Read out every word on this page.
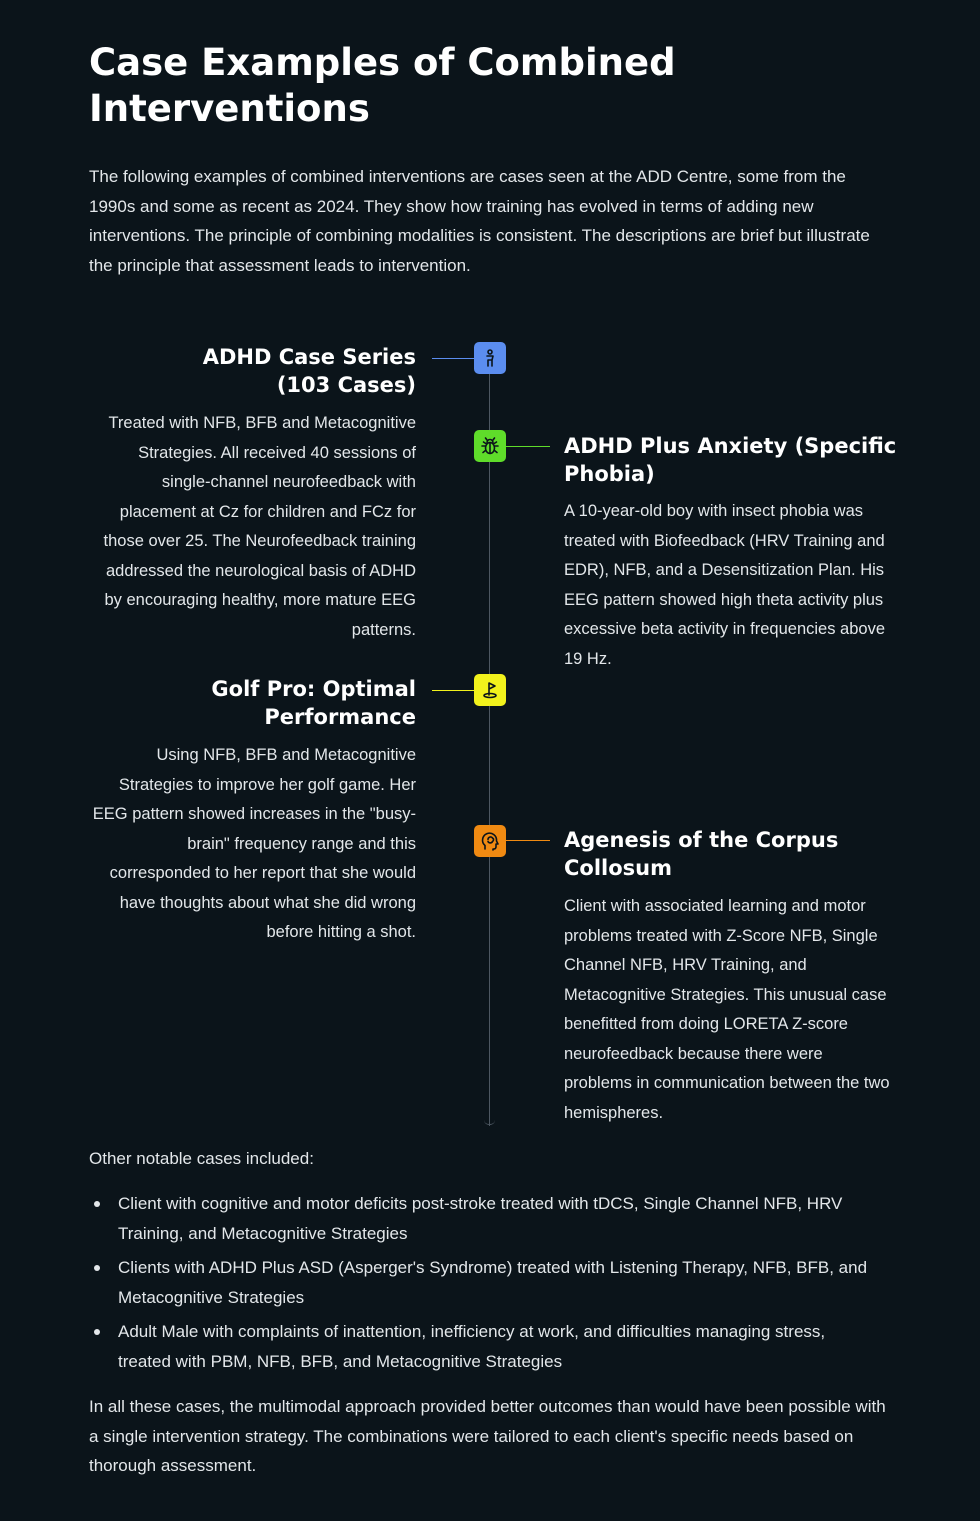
Case Examples of Combined Interventions

The following examples of combined interventions are cases seen at the ADD Centre, some from the 1990s and some as recent as 2024. They show how training has evolved in terms of adding new interventions. The principle of combining modalities is consistent. The descriptions are brief but illustrate the principle that assessment leads to intervention.

ADHD Case Series (103 Cases)

Treated with NFB, BFB and Metacognitive Strategies. All received 40 sessions of single-channel neurofeedback with placement at Cz for children and FCz for those over 25. The Neurofeedback training addressed the neurological basis of ADHD by encouraging healthy, more mature EEG patterns.

ADHD Plus Anxiety (Specific Phobia)

A 10-year-old boy with insect phobia was treated with Biofeedback (HRV Training and EDR), NFB, and a Desensitization Plan. His EEG pattern showed high theta activity plus excessive beta activity in frequencies above 19 Hz.

Golf Pro: Optimal Performance

Using NFB, BFB and Metacognitive Strategies to improve her golf game. Her EEG pattern showed increases in the "busy-brain" frequency range and this corresponded to her report that she would have thoughts about what she did wrong before hitting a shot.

Agenesis of the Corpus Collosum

Client with associated learning and motor problems treated with Z-Score NFB, Single Channel NFB, HRV Training, and Metacognitive Strategies. This unusual case benefitted from doing LORETA Z-score neurofeedback because there were problems in communication between the two hemispheres.

Other notable cases included:

Client with cognitive and motor deficits post-stroke treated with tDCS, Single Channel NFB, HRV Training, and Metacognitive Strategies
Clients with ADHD Plus ASD (Asperger's Syndrome) treated with Listening Therapy, NFB, BFB, and Metacognitive Strategies
Adult Male with complaints of inattention, inefficiency at work, and difficulties managing stress, treated with PBM, NFB, BFB, and Metacognitive Strategies

In all these cases, the multimodal approach provided better outcomes than would have been possible with a single intervention strategy. The combinations were tailored to each client's specific needs based on thorough assessment.
